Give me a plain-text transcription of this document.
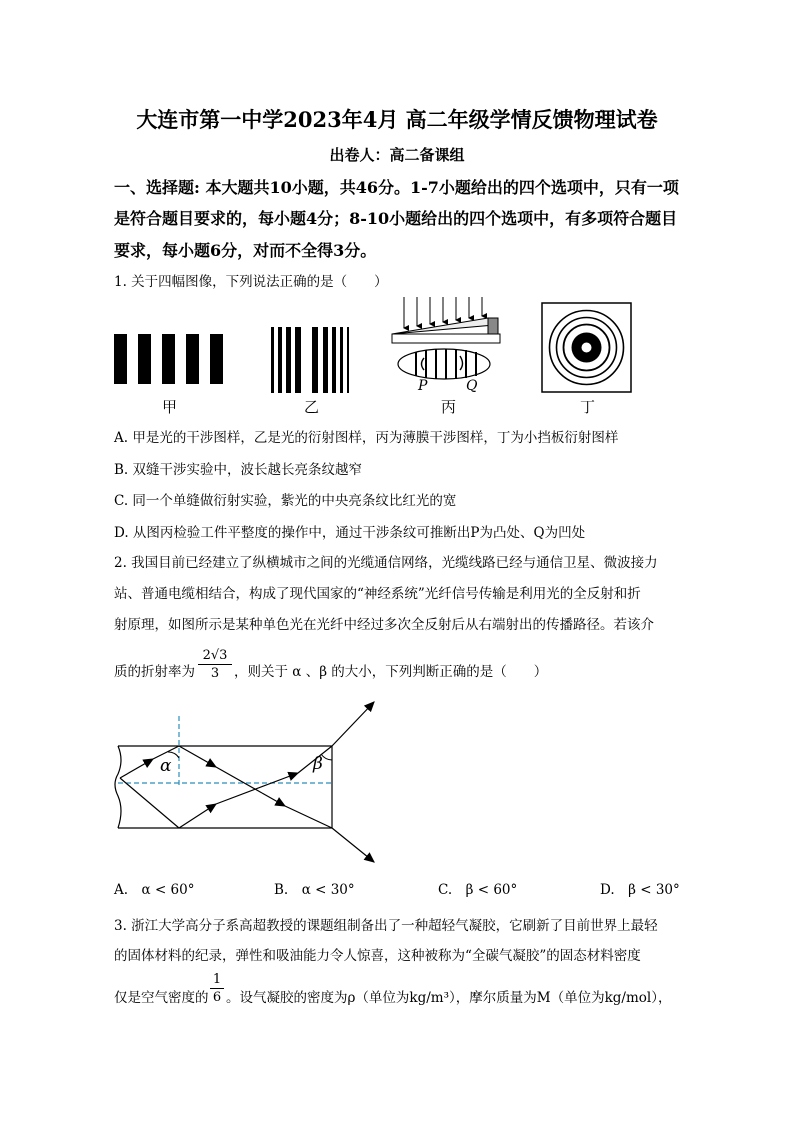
大连市第一中学2023年4月 高二年级学情反馈物理试卷
出卷人：高二备课组
一、选择题: 本大题共10小题，共46分。1-7小题给出的四个选项中，只有一项
是符合题目要求的，每小题4分；8-10小题给出的四个选项中，有多项符合题目
要求，每小题6分，对而不全得3分。
1. 关于四幅图像，下列说法正确的是（　　）
P	Q
甲	乙	丙	丁
A. 甲是光的干涉图样，乙是光的衍射图样，丙为薄膜干涉图样，丁为小挡板衍射图样
B. 双缝干涉实验中，波长越长亮条纹越窄
C. 同一个单缝做衍射实验，紫光的中央亮条纹比红光的宽
D. 从图丙检验工件平整度的操作中，通过干涉条纹可推断出P为凸处、Q为凹处
2. 我国目前已经建立了纵横城市之间的光缆通信网络，光缆线路已经与通信卫星、微波接力
站、普通电缆相结合，构成了现代国家的“神经系统”光纤信号传输是利用光的全反射和折
射原理，如图所示是某种单色光在光纤中经过多次全反射后从右端射出的传播路径。若该介
质的折射率为
2√3
3	，则关于 α 、β 的大小，下列判断正确的是（　　）
α	β
A.　α < 60°	B.　α < 30°	C.　β < 60°	D.　β < 30°
3. 浙江大学高分子系高超教授的课题组制备出了一种超轻气凝胶，它刷新了目前世界上最轻
的固体材料的纪录，弹性和吸油能力令人惊喜，这种被称为“全碳气凝胶”的固态材料密度
仅是空气密度的
1
6 。设气凝胶的密度为ρ（单位为kg/m³），摩尔质量为M（单位为kg/mol），
